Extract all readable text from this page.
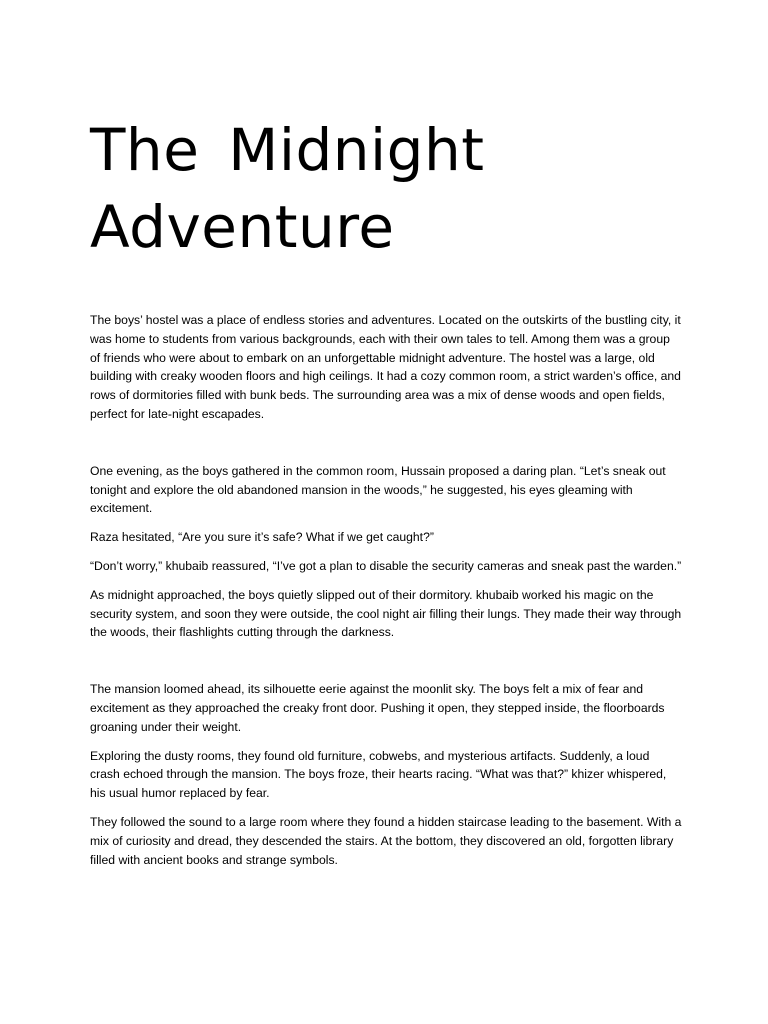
The Midnight Adventure

The boys’ hostel was a place of endless stories and adventures. Located on the outskirts of the bustling city, it was home to students from various backgrounds, each with their own tales to tell. Among them was a group of friends who were about to embark on an unforgettable midnight adventure. The hostel was a large, old building with creaky wooden floors and high ceilings. It had a cozy common room, a strict warden’s office, and rows of dormitories filled with bunk beds. The surrounding area was a mix of dense woods and open fields, perfect for late-night escapades.

One evening, as the boys gathered in the common room, Hussain proposed a daring plan. “Let’s sneak out tonight and explore the old abandoned mansion in the woods,” he suggested, his eyes gleaming with excitement.

Raza hesitated, “Are you sure it’s safe? What if we get caught?”

“Don’t worry,” khubaib reassured, “I’ve got a plan to disable the security cameras and sneak past the warden.”

As midnight approached, the boys quietly slipped out of their dormitory. khubaib worked his magic on the security system, and soon they were outside, the cool night air filling their lungs. They made their way through the woods, their flashlights cutting through the darkness.

The mansion loomed ahead, its silhouette eerie against the moonlit sky. The boys felt a mix of fear and excitement as they approached the creaky front door. Pushing it open, they stepped inside, the floorboards groaning under their weight.

Exploring the dusty rooms, they found old furniture, cobwebs, and mysterious artifacts. Suddenly, a loud crash echoed through the mansion. The boys froze, their hearts racing. “What was that?” khizer whispered, his usual humor replaced by fear.

They followed the sound to a large room where they found a hidden staircase leading to the basement. With a mix of curiosity and dread, they descended the stairs. At the bottom, they discovered an old, forgotten library filled with ancient books and strange symbols.
